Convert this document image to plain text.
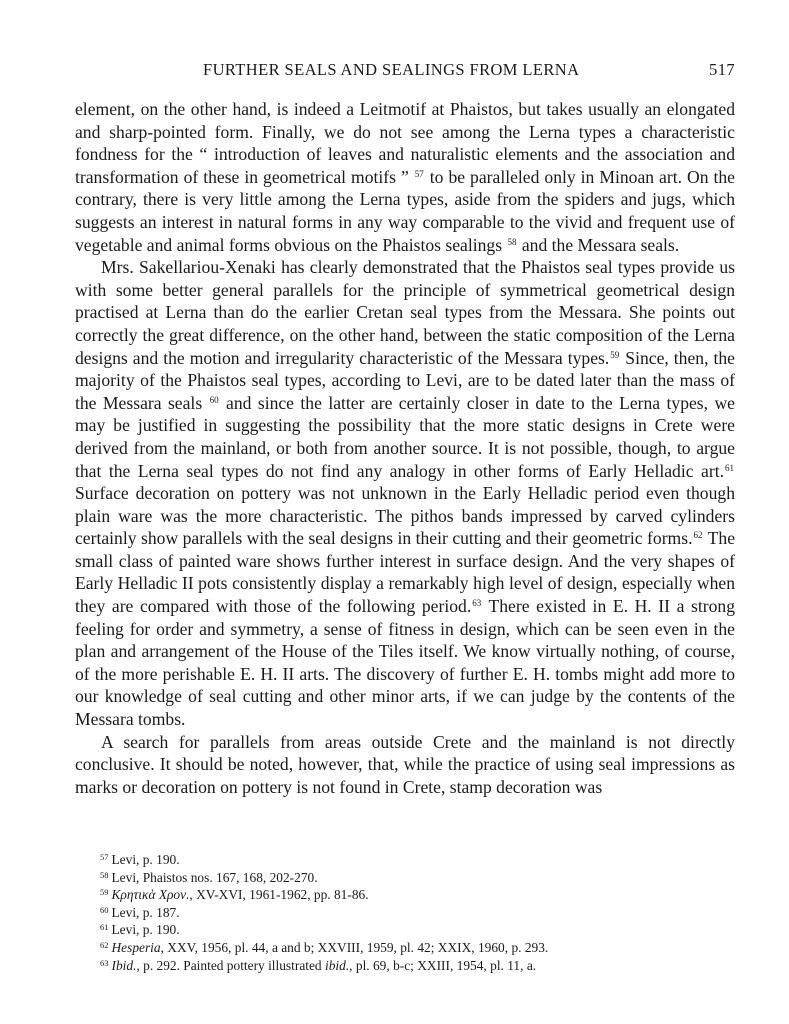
FURTHER SEALS AND SEALINGS FROM LERNA	517

element, on the other hand, is indeed a Leitmotif at Phaistos, but takes usually an elongated and sharp-pointed form. Finally, we do not see among the Lerna types a characteristic fondness for the “ introduction of leaves and naturalistic elements and the association and transformation of these in geometrical motifs ” $^{57}$ to be paralleled only in Minoan art. On the contrary, there is very little among the Lerna types, aside from the spiders and jugs, which suggests an interest in natural forms in any way comparable to the vivid and frequent use of vegetable and animal forms obvious on the Phaistos sealings $^{58}$ and the Messara seals.

Mrs. Sakellariou-Xenaki has clearly demonstrated that the Phaistos seal types provide us with some better general parallels for the principle of symmetrical geometrical design practised at Lerna than do the earlier Cretan seal types from the Messara. She points out correctly the great difference, on the other hand, between the static composition of the Lerna designs and the motion and irregularity characteristic of the Messara types.$^{59}$ Since, then, the majority of the Phaistos seal types, according to Levi, are to be dated later than the mass of the Messara seals $^{60}$ and since the latter are certainly closer in date to the Lerna types, we may be justified in suggesting the possibility that the more static designs in Crete were derived from the mainland, or both from another source. It is not possible, though, to argue that the Lerna seal types do not find any analogy in other forms of Early Helladic art.$^{61}$ Surface decoration on pottery was not unknown in the Early Helladic period even though plain ware was the more characteristic. The pithos bands impressed by carved cylinders certainly show parallels with the seal designs in their cutting and their geometric forms.$^{62}$ The small class of painted ware shows further interest in surface design. And the very shapes of Early Helladic II pots consistently display a remarkably high level of design, especially when they are compared with those of the following period.$^{63}$ There existed in E. H. II a strong feeling for order and symmetry, a sense of fitness in design, which can be seen even in the plan and arrangement of the House of the Tiles itself. We know virtually nothing, of course, of the more perishable E. H. II arts. The discovery of further E. H. tombs might add more to our knowledge of seal cutting and other minor arts, if we can judge by the contents of the Messara tombs.

A search for parallels from areas outside Crete and the mainland is not directly conclusive. It should be noted, however, that, while the practice of using seal impressions as marks or decoration on pottery is not found in Crete, stamp decoration was

$^{57}$ Levi, p. 190.
$^{58}$ Levi, Phaistos nos. 167, 168, 202-270.
$^{59}$ Κρητικὰ Χρον., XV-XVI, 1961-1962, pp. 81-86.
$^{60}$ Levi, p. 187.
$^{61}$ Levi, p. 190.
$^{62}$ Hesperia, XXV, 1956, pl. 44, a and b; XXVIII, 1959, pl. 42; XXIX, 1960, p. 293.
$^{63}$ Ibid., p. 292. Painted pottery illustrated ibid., pl. 69, b-c; XXIII, 1954, pl. 11, a.
